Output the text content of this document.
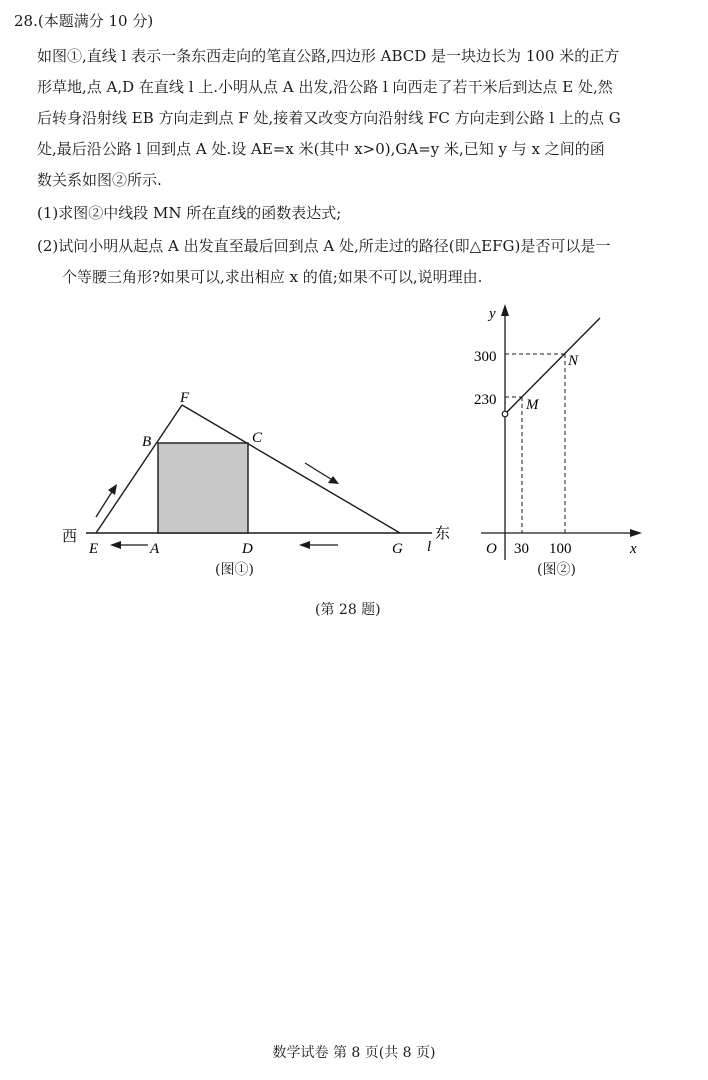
28.(本题满分 10 分)
如图①,直线 l 表示一条东西走向的笔直公路,四边形 ABCD 是一块边长为 100 米的正方
形草地,点 A,D 在直线 l 上.小明从点 A 出发,沿公路 l 向西走了若干米后到达点 E 处,然
后转身沿射线 EB 方向走到点 F 处,接着又改变方向沿射线 FC 方向走到公路 l 上的点 G
处,最后沿公路 l 回到点 A 处.设 AE=x 米(其中 x>0),GA=y 米,已知 y 与 x 之间的函
数关系如图②所示.
(1)求图②中线段 MN 所在直线的函数表达式;
(2)试问小明从起点 A 出发直至最后回到点 A 处,所走过的路径(即△EFG)是否可以是一
个等腰三角形?如果可以,求出相应 x 的值;如果不可以,说明理由.
F
B	C
E	A	D	G l
西	东
(图①)
y
x
O
300
230
30 100
M
N
(图②)
(第 28 题)
数学试卷 第 8 页(共 8 页)
